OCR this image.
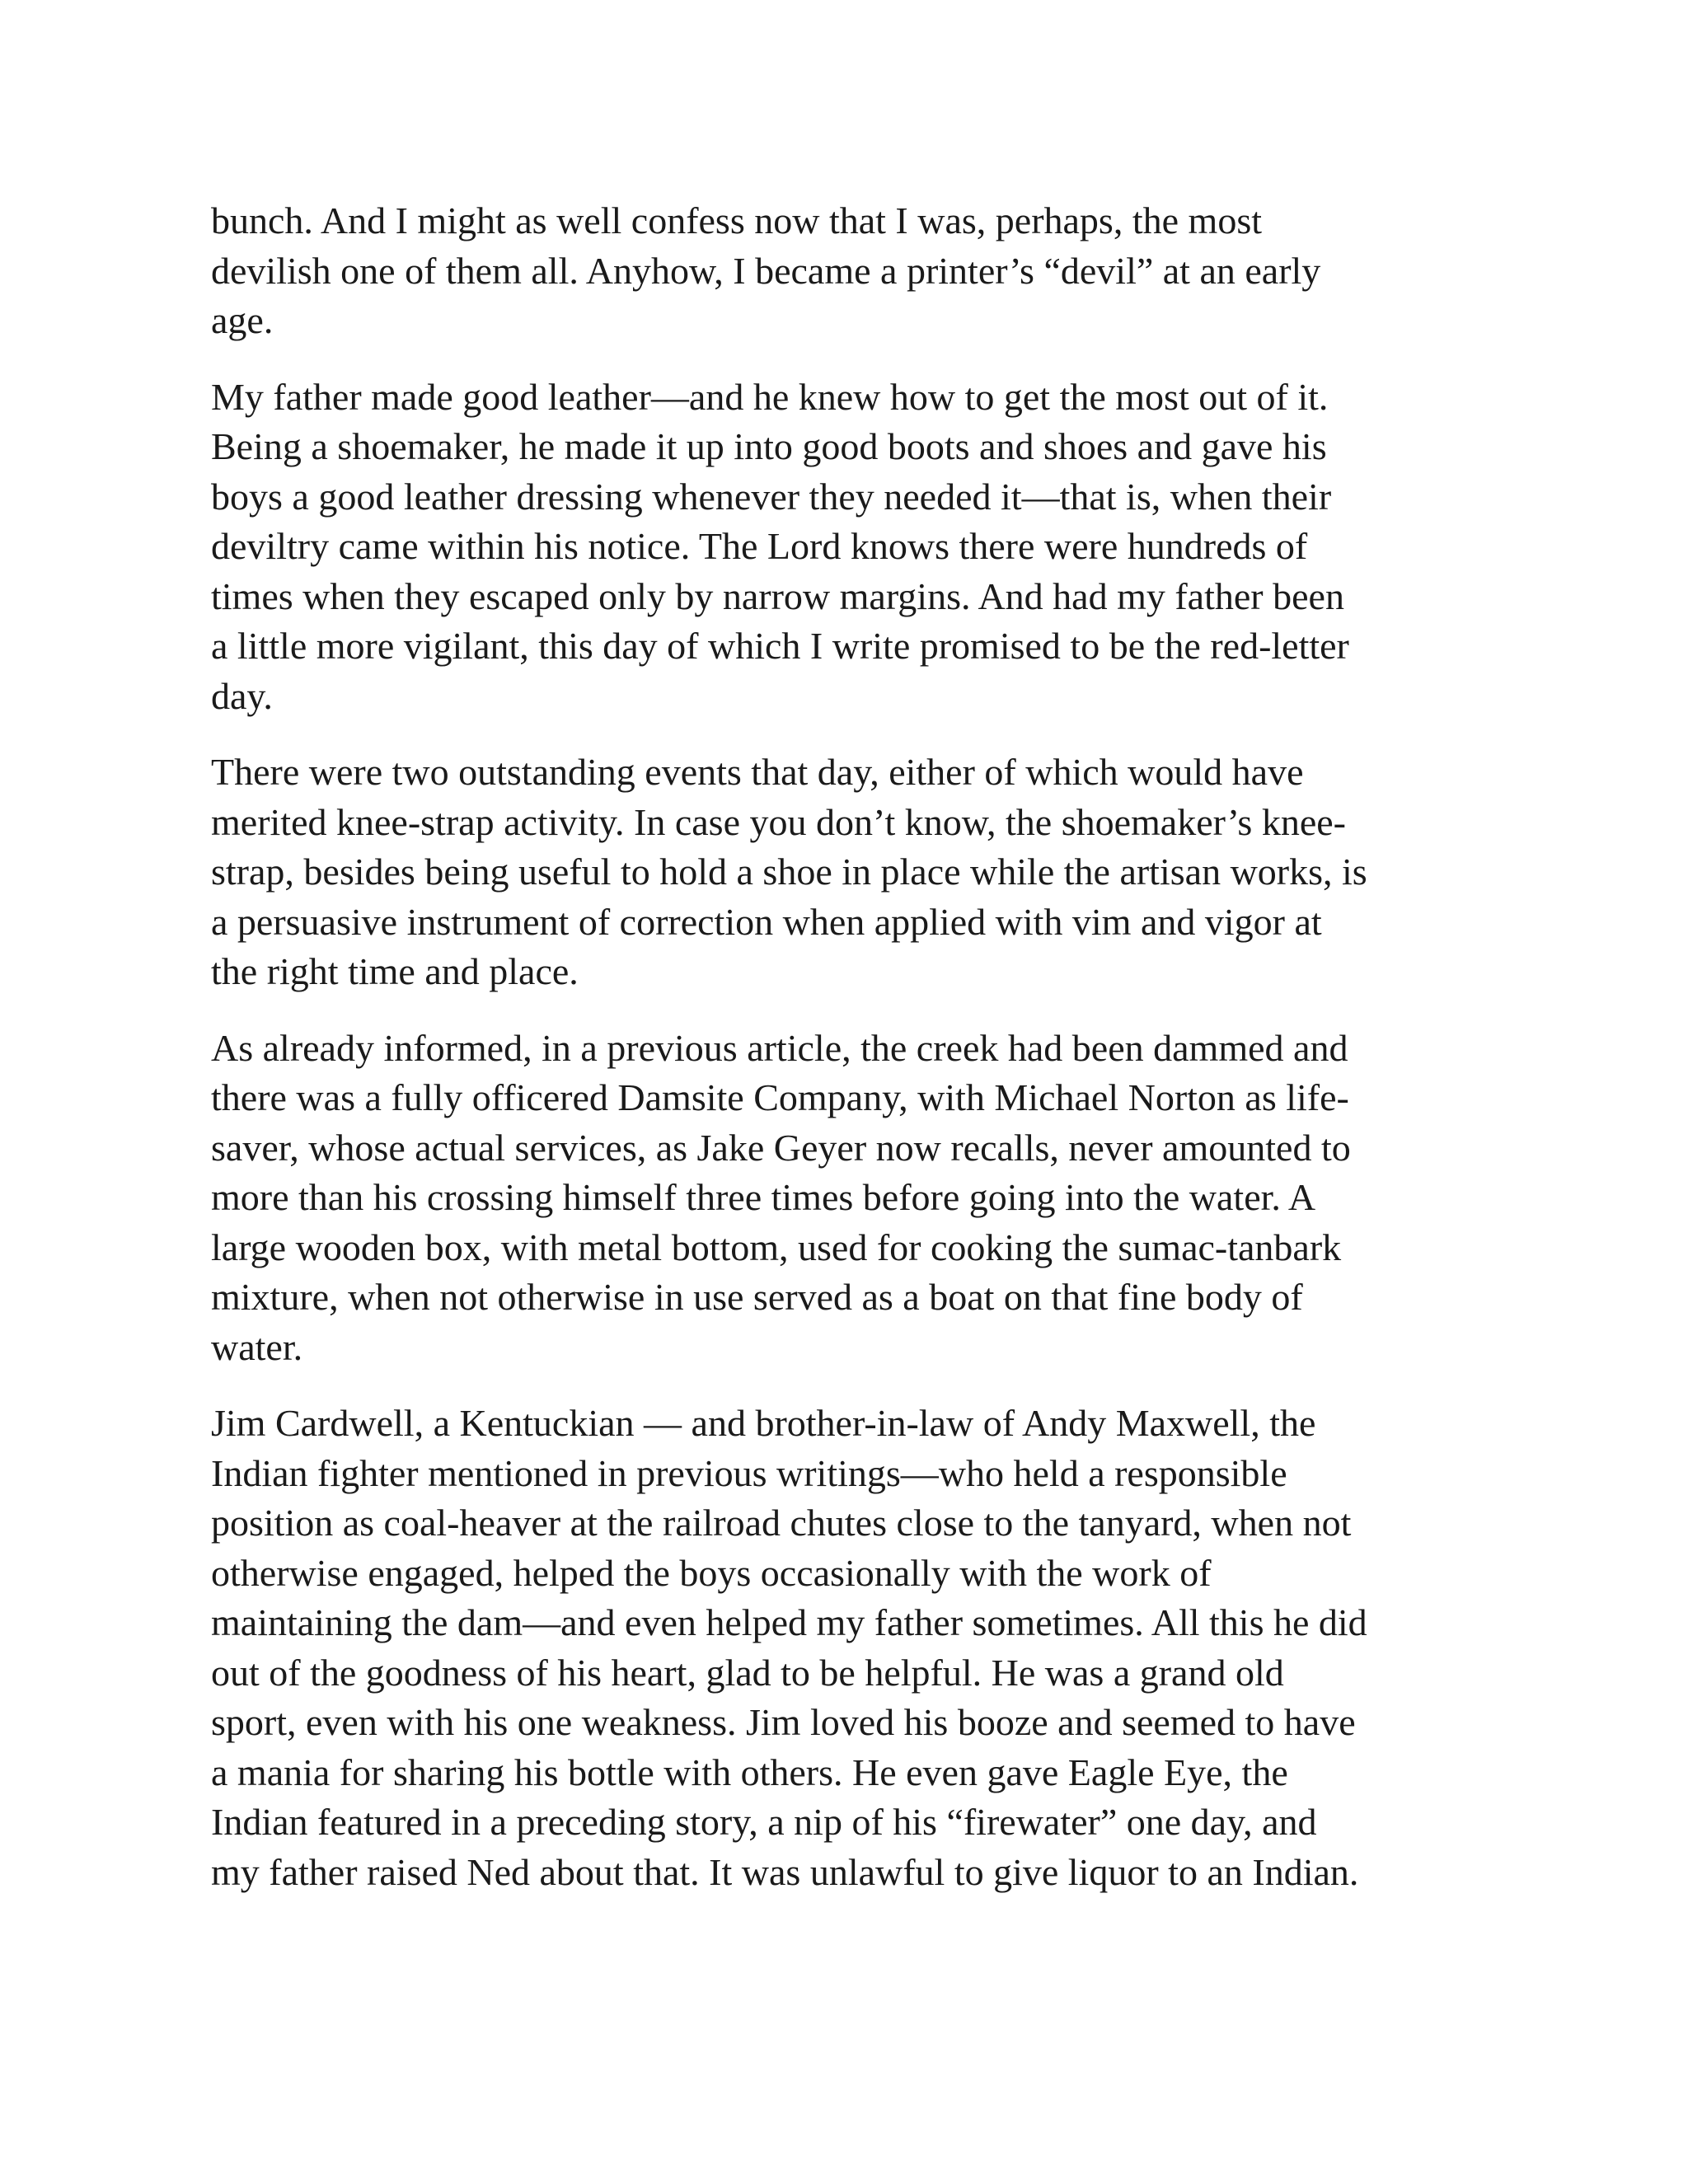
bunch. And I might as well confess now that I was, perhaps, the most
devilish one of them all. Anyhow, I became a printer’s “devil” at an early
age.

My father made good leather—and he knew how to get the most out of it.
Being a shoemaker, he made it up into good boots and shoes and gave his
boys a good leather dressing whenever they needed it—that is, when their
deviltry came within his notice. The Lord knows there were hundreds of
times when they escaped only by narrow margins. And had my father been
a little more vigilant, this day of which I write promised to be the red-letter
day.

There were two outstanding events that day, either of which would have
merited knee-strap activity. In case you don’t know, the shoemaker’s knee-
strap, besides being useful to hold a shoe in place while the artisan works, is
a persuasive instrument of correction when applied with vim and vigor at
the right time and place.

As already informed, in a previous article, the creek had been dammed and
there was a fully officered Damsite Company, with Michael Norton as life-
saver, whose actual services, as Jake Geyer now recalls, never amounted to
more than his crossing himself three times before going into the water. A
large wooden box, with metal bottom, used for cooking the sumac-tanbark
mixture, when not otherwise in use served as a boat on that fine body of
water.

Jim Cardwell, a Kentuckian — and brother-in-law of Andy Maxwell, the
Indian fighter mentioned in previous writings—who held a responsible
position as coal-heaver at the railroad chutes close to the tanyard, when not
otherwise engaged, helped the boys occasionally with the work of
maintaining the dam—and even helped my father sometimes. All this he did
out of the goodness of his heart, glad to be helpful. He was a grand old
sport, even with his one weakness. Jim loved his booze and seemed to have
a mania for sharing his bottle with others. He even gave Eagle Eye, the
Indian featured in a preceding story, a nip of his “firewater” one day, and
my father raised Ned about that. It was unlawful to give liquor to an Indian.
